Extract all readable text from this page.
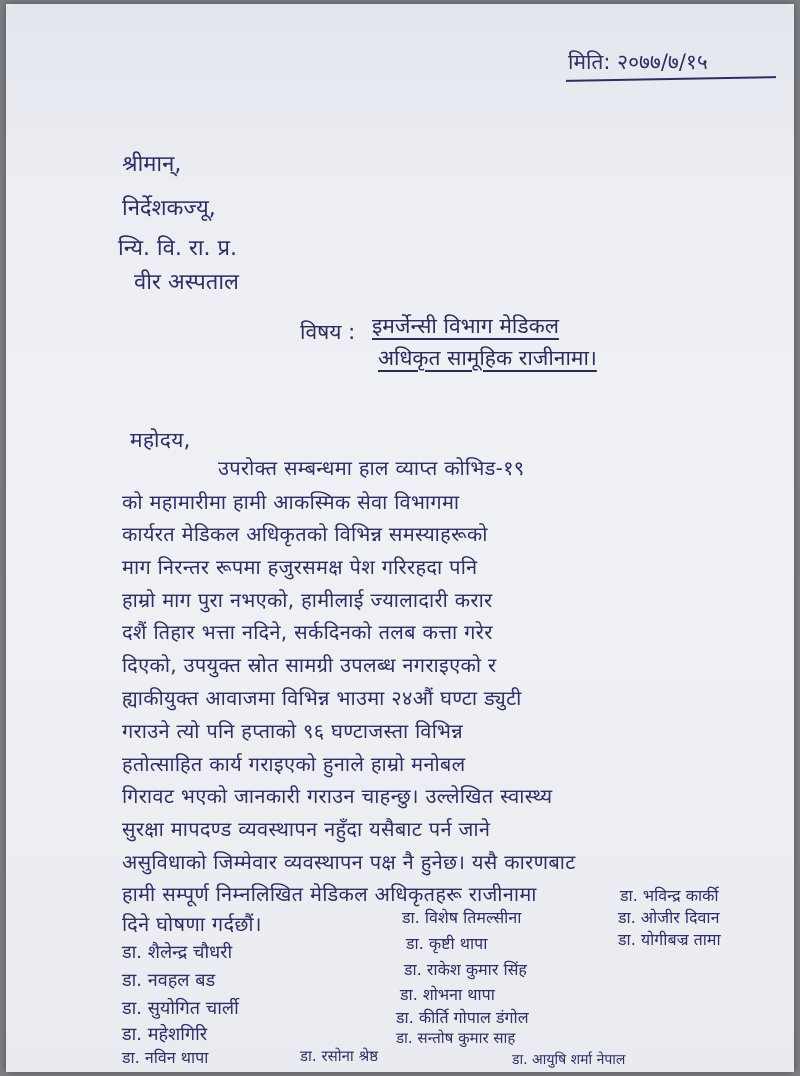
मिति: २०७७/७/१५
श्रीमान्,
निर्देशकज्यू,
न्यि. वि. रा. प्र.
वीर अस्पताल
विषय : इमर्जेन्सी विभाग मेडिकल
अधिकृत सामूहिक राजीनामा।
महोदय,
उपरोक्त सम्बन्धमा हाल व्याप्त कोभिड-१९
को महामारीमा हामी आकस्मिक सेवा विभागमा
कार्यरत मेडिकल अधिकृतको विभिन्न समस्याहरूको
माग निरन्तर रूपमा हजुरसमक्ष पेश गरिरहदा पनि
हाम्रो माग पुरा नभएको, हामीलाई ज्यालादारी करार
दशैं तिहार भत्ता नदिने, सर्कदिनको तलब कत्ता गरेर
दिएको, उपयुक्त स्रोत सामग्री उपलब्ध नगराइएको र
ह्याकीयुक्त आवाजमा विभिन्न भाउमा २४औं घण्टा ड्युटी
गराउने त्यो पनि हप्ताको ९६ घण्टाजस्ता विभिन्न
हतोत्साहित कार्य गराइएको हुनाले हाम्रो मनोबल
गिरावट भएको जानकारी गराउन चाहन्छु। उल्लेखित स्वास्थ्य
सुरक्षा मापदण्ड व्यवस्थापन नहुँदा यसैबाट पर्न जाने
असुविधाको जिम्मेवार व्यवस्थापन पक्ष नै हुनेछ। यसै कारणबाट
हामी सम्पूर्ण निम्नलिखित मेडिकल अधिकृतहरू राजीनामा
दिने घोषणा गर्दछौं।
डा. शैलेन्द्र चौधरी
डा. नवहल बड
डा. सुयोगित चार्ली
डा. महेशगिरि
डा. नविन थापा	डा. रसोना श्रेष्ठ
डा. विशेष तिमल्सीना
डा. कृष्टी थापा
डा. राकेश कुमार सिंह
डा. शोभना थापा
डा. कीर्ति गोपाल डंगोल
डा. सन्तोष कुमार साह
डा. आयुषि शर्मा नेपाल
डा. भविन्द्र कार्की
डा. ओजीर दिवान
डा. योगीबज्र तामा
